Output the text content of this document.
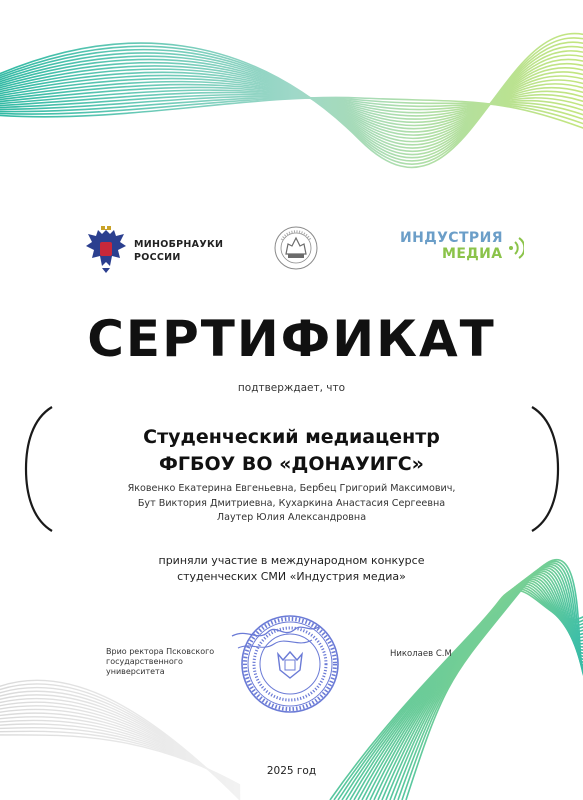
МИНОБРНАУКИ
РОССИИ
ИНДУСТРИЯ
МЕДИА
СЕРТИФИКАТ
подтверждает, что
Студенческий медиацентр
ФГБОУ ВО «ДОНАУИГС»
Яковенко Екатерина Евгеньевна, Бербец Григорий Максимович,
Бут Виктория Дмитриевна, Кухаркина Анастасия Сергеевна
Лаутер Юлия Александровна
приняли участие в международном конкурсе
студенческих СМИ «Индустрия медиа»
Врио ректора Псковского
государственного
университета
Николаев С.М
2025 год
